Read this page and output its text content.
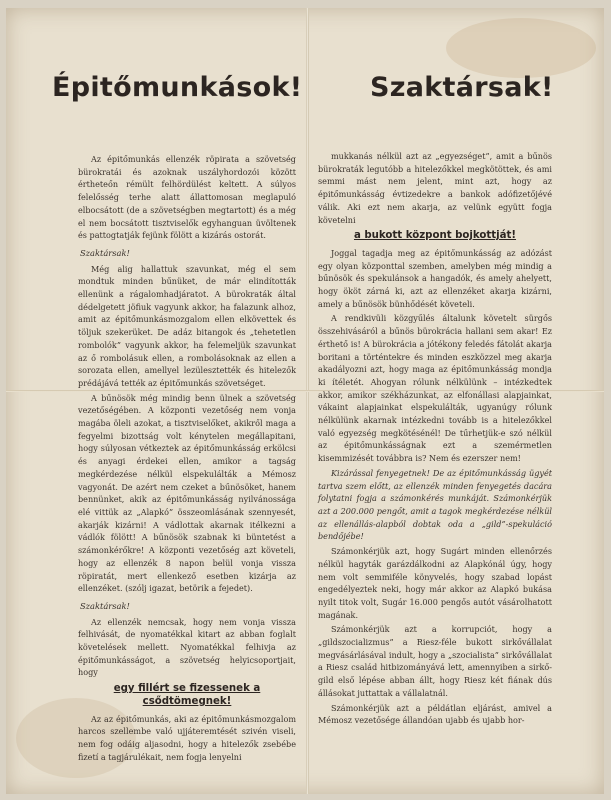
Épitőmunkások!	Szaktársak!

Az épitőmunkás ellenzék röpirata a szövetség bürokratái és azoknak uszályhordozói között értheteőn rémült felhördülést keltett. A súlyos felelősség terhe alatt állattomosan meglapuló elbocsátott (de a szövetségben megtartott) és a még el nem bocsátott tisztviselők egyhanguan üvöltenek és pattogtatják fejünk fölött a kizárás ostorát.

Szaktársak!

Még alig hallattuk szavunkat, még el sem mondtuk minden bűnüket, de már elindították ellenünk a rágalomhadjáratot. A bürokraták által dédelgetett jöfiuk vagyunk akkor, ha falazunk alhoz, amit az épitőmunkásmozgalom ellen elkövettek és töljuk szekerüket. De adáz bitangok és „tehetetlen rombolók” vagyunk akkor, ha felemeljük szavunkat az ő rombolásuk ellen, a rombolásoknak az ellen a sorozata ellen, amellyel lezülesztették és hitelezők prédájává tették az épitőmunkás szövetséget.

A bűnösök még mindig benn ülnek a szövetség vezetőségében. A központi vezetőség nem vonja magába öleli azokat, a tisztviselőket, akikről maga a fegyelmi bizottság volt kénytelen megállapitani, hogy súlyosan vétkeztek az épitőmunkásság erkölcsi és anyagi érdekei ellen, amikor a tagság megkérdezése nélkül elspekulálták a Mémosz vagyonát. De azért nem czeket a bűnösöket, hanem bennünket, akik az épitőmunkásság nyilvánossága elé vittük az „Alapkó” összeomlásának szennyesét, akarják kizárni! A vádlottak akarnak itélkezni a vádlók fölött! A bűnösök szabnak ki büntetést a számonkérőkre! A központi vezetőség azt követeli, hogy az ellenzék 8 napon belül vonja vissza röpiratát, mert ellenkező esetben kizárja az ellenzéket. (szólj igazat, betörik a fejedet).

Szaktársak!

Az ellenzék nemcsak, hogy nem vonja vissza felhivását, de nyomatékkal kitart az abban foglalt követelések mellett. Nyomatékkal felhivja az épitőmunkásságot, a szövetség helyicsoportjait, hogy

egy fillért se fizessenek a csődtömegnek!

Az az épitőmunkás, aki az épitőmunkásmozgalom harcos szellembe való ujjáteremtését szivén viseli, nem fog odáig aljasodni, hogy a hitelezők zsebébe fizetí a tagjárulékait, nem fogja lenyelni

mukkanás nélkül azt az „egyezséget”, amit a bűnös bürokraták legutóbb a hitelezőkkel megkötöttek, és ami semmi mást nem jelent, mint azt, hogy az épitőmunkásság évtizedekre a bankok adófizetőjévé válik. Aki ezt nem akarja, az velünk együtt fogja követelni

a bukott központ bojkottját!

Joggal tagadja meg az épitőmunkásság az adózást egy olyan központtal szemben, amelyben még mindig a bűnösök és spekulánsok a hangadók, és amely ahelyett, hogy ököt zárná ki, azt az ellenzéket akarja kizárni, amely a bűnösök bünhődését követeli.

A rendkivüli közgyűlés általunk követelt sürgős összehivásáról a bűnös bürokrácia hallani sem akar! Ez érthető is! A bürokrácia a jótékony feledés fátolát akarja boritani a történtekre és minden eszközzel meg akarja akadályozni azt, hogy maga az épitőmunkásság mondja ki ítéletét. Ahogyan rólunk nélkülünk – intézkedtek akkor, amikor székházunkat, az elfonállasi alapjainkat, vákaint alapjainkat elspekulálták, ugyanúgy rólunk nélkülünk akarnak intézkedni tovább is a hitelezőkkel való egyezség megkötésénél! De tűrhetjük-e szó nélkül az épitőmunkásságnak ezt a szemérmetlen kisemmizését továbbra is? Nem és ezerszer nem!

Kizárással fenyegetnek! De az épitőmunkásság ügyét tartva szem előtt, az ellenzék minden fenyegetés dacára folytatni fogja a számonkérés munkáját. Számonkérjük azt a 200.000 pengőt, amit a tagok megkérdezése nélkül az ellenállás-alapból dobtak oda a „gild”-spekuláció bendőjébe!

Számonkérjük azt, hogy Sugárt minden ellenőrzés nélkül hagyták garázdálkodni az Alapkónál úgy, hogy nem volt semmiféle könyvelés, hogy szabad lopást engedélyeztek neki, hogy már akkor az Alapkó bukása nyilt titok volt, Sugár 16.000 pengős autót vásárolhatott magának.

Számonkérjük azt a korrupciót, hogy a „gildszocializmus” a Riesz-féle bukott sirkővállalat megvásárlásával indult, hogy a „szocialista” sirkővállalat a Riesz család hitbizományává lett, amennyiben a sirkő-gild első lépése abban állt, hogy Riesz két fiának dús állásokat juttattak a vállalatnál.

Számonkérjük azt a példátlan eljárást, amivel a Mémosz vezetősége állandóan ujabb és ujabb hor-
